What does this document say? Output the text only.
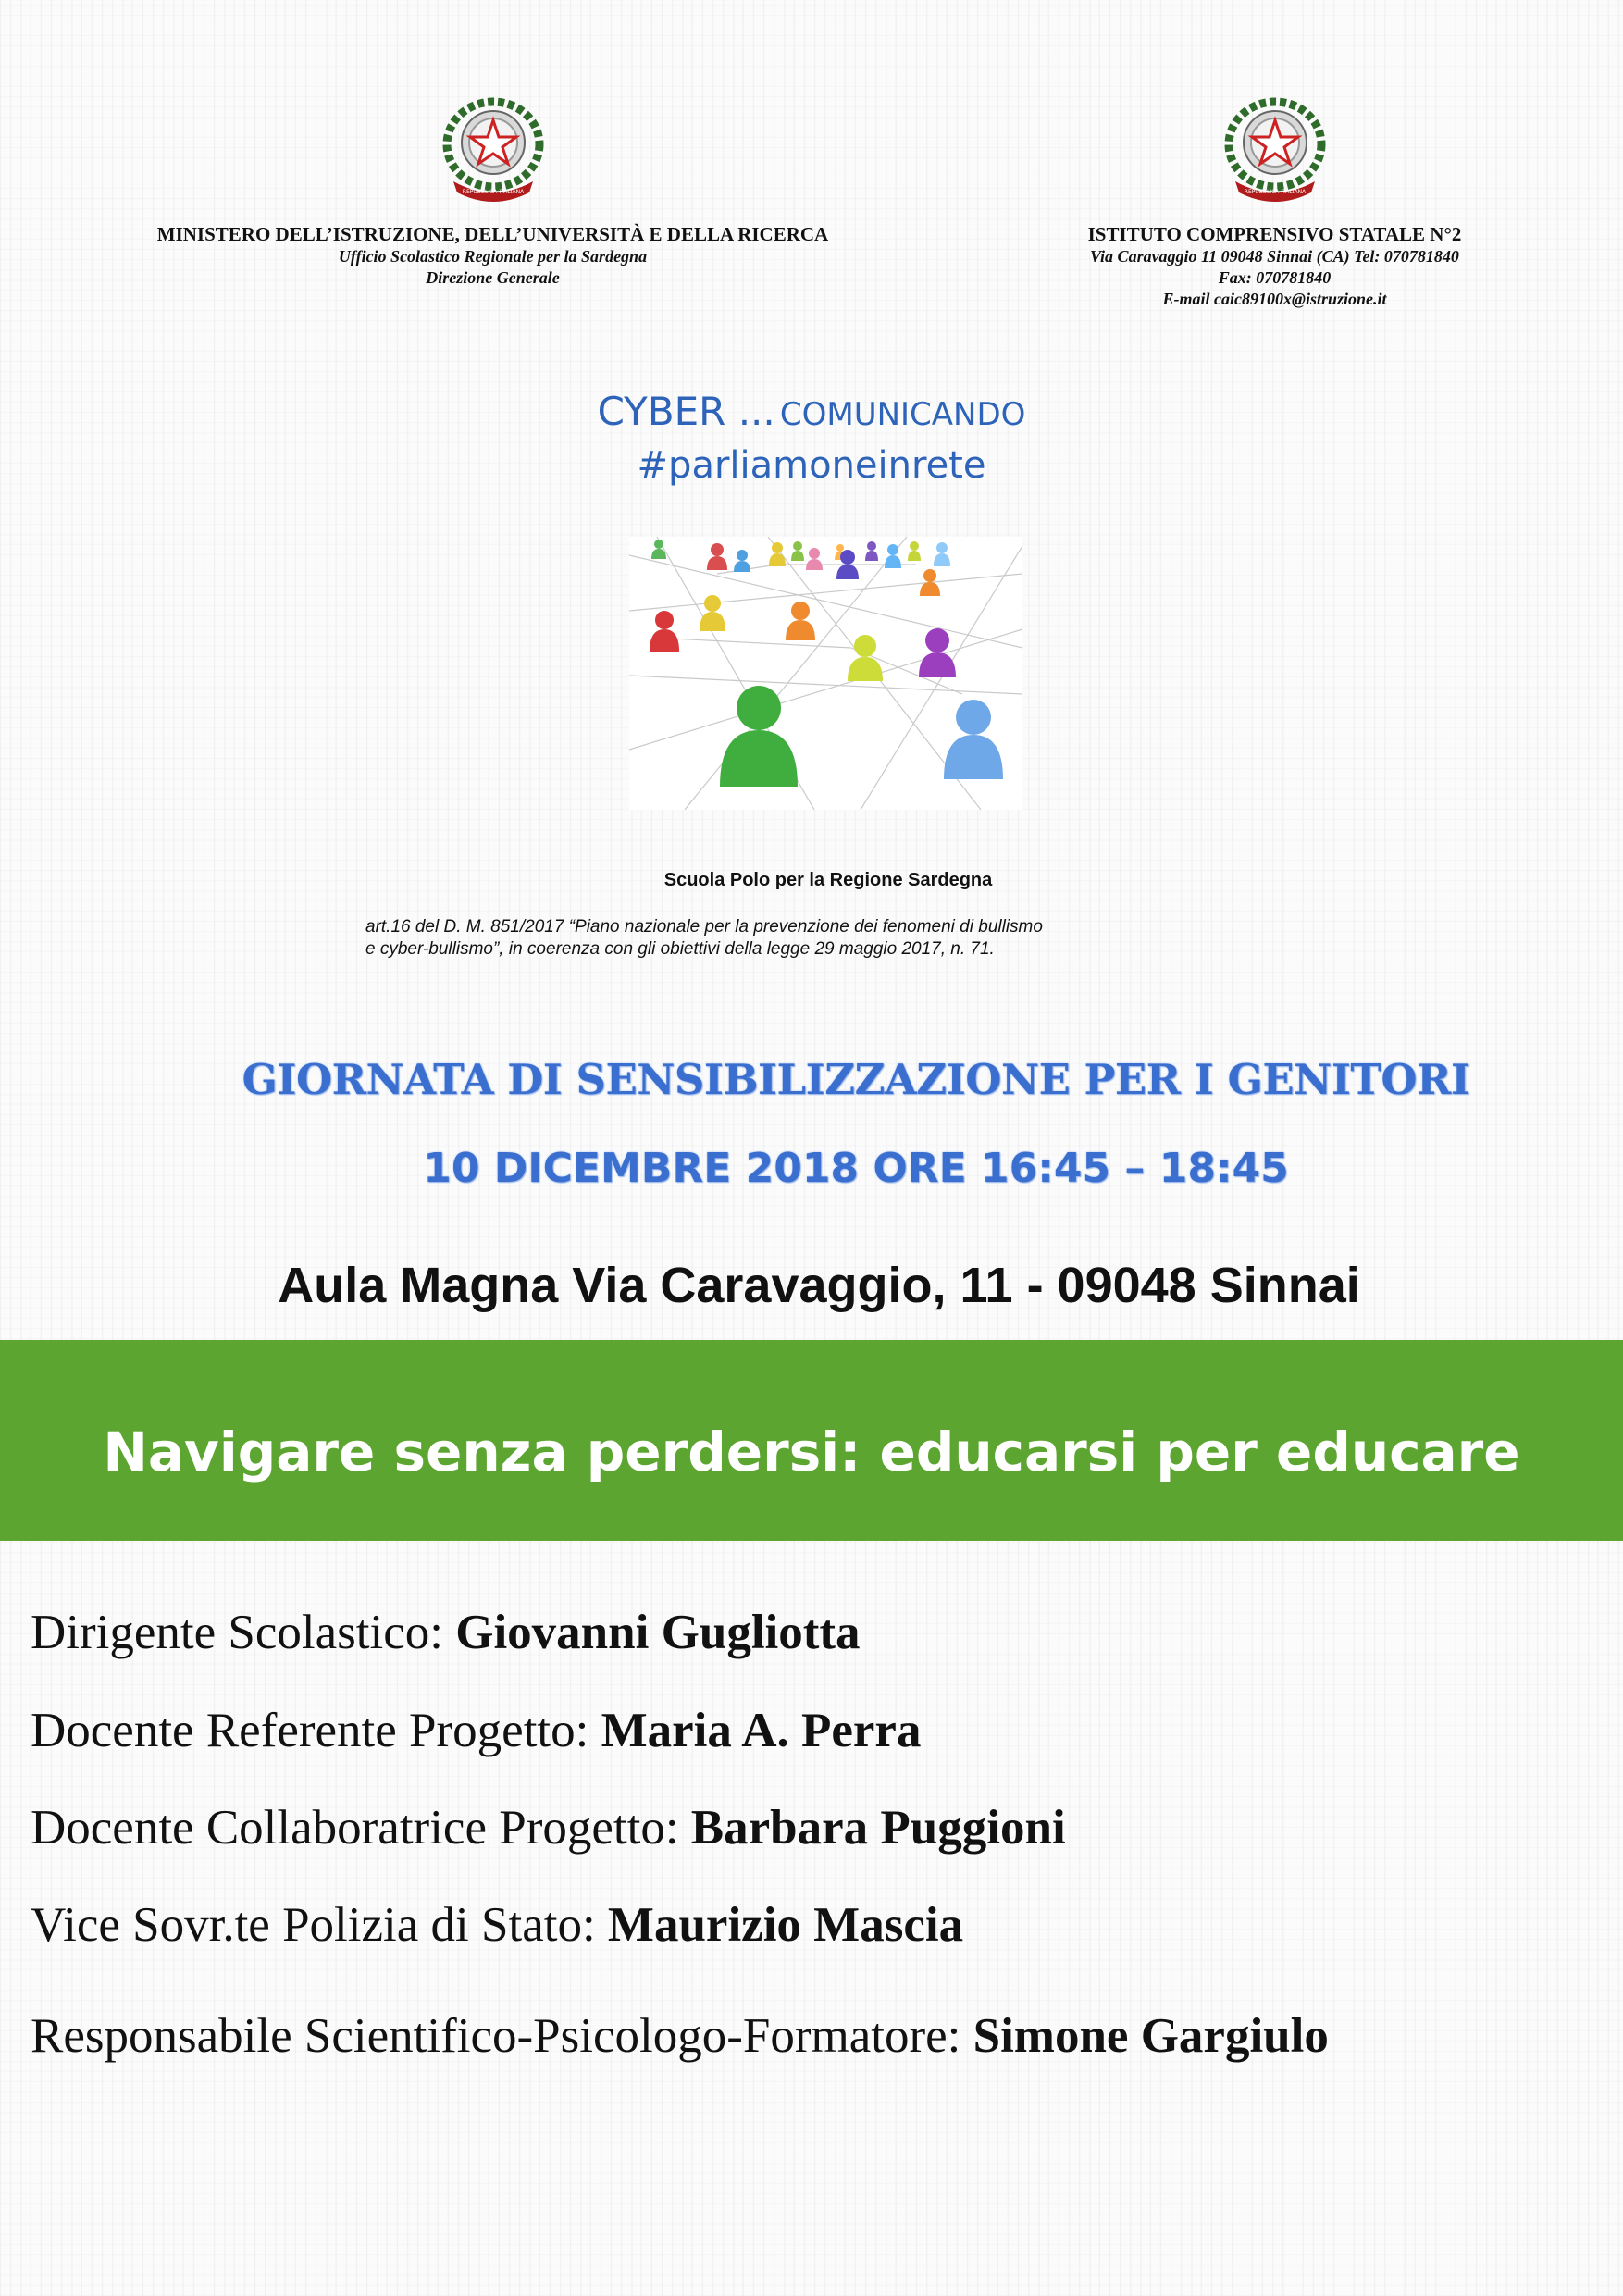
REPUBBLICA ITALIANA

MINISTERO DELL’ISTRUZIONE, DELL’UNIVERSITÀ E DELLA RICERCA

Ufficio Scolastico Regionale per la Sardegna

Direzione Generale

REPUBBLICA ITALIANA

ISTITUTO COMPRENSIVO STATALE N°2

Via Caravaggio 11 09048 Sinnai (CA) Tel: 070781840

Fax: 070781840

E-mail caic89100x@istruzione.it

CYBER ... COMUNICANDO
#parliamoneinrete
Scuola Polo per la Regione Sardegna
art.16 del D. M. 851/2017 “Piano nazionale per la prevenzione dei fenomeni di bullismo
e cyber-bullismo”, in coerenza con gli obiettivi della legge 29 maggio 2017, n. 71.
GIORNATA DI SENSIBILIZZAZIONE PER I GENITORI
10 DICEMBRE 2018 ORE 16:45 – 18:45
Aula Magna Via Caravaggio, 11 - 09048 Sinnai
Navigare senza perdersi: educarsi per educare
Dirigente Scolastico: Giovanni Gugliotta
Docente Referente Progetto: Maria A. Perra
Docente Collaboratrice Progetto: Barbara Puggioni
Vice Sovr.te Polizia di Stato: Maurizio Mascia
Responsabile Scientifico-Psicologo-Formatore: Simone Gargiulo
